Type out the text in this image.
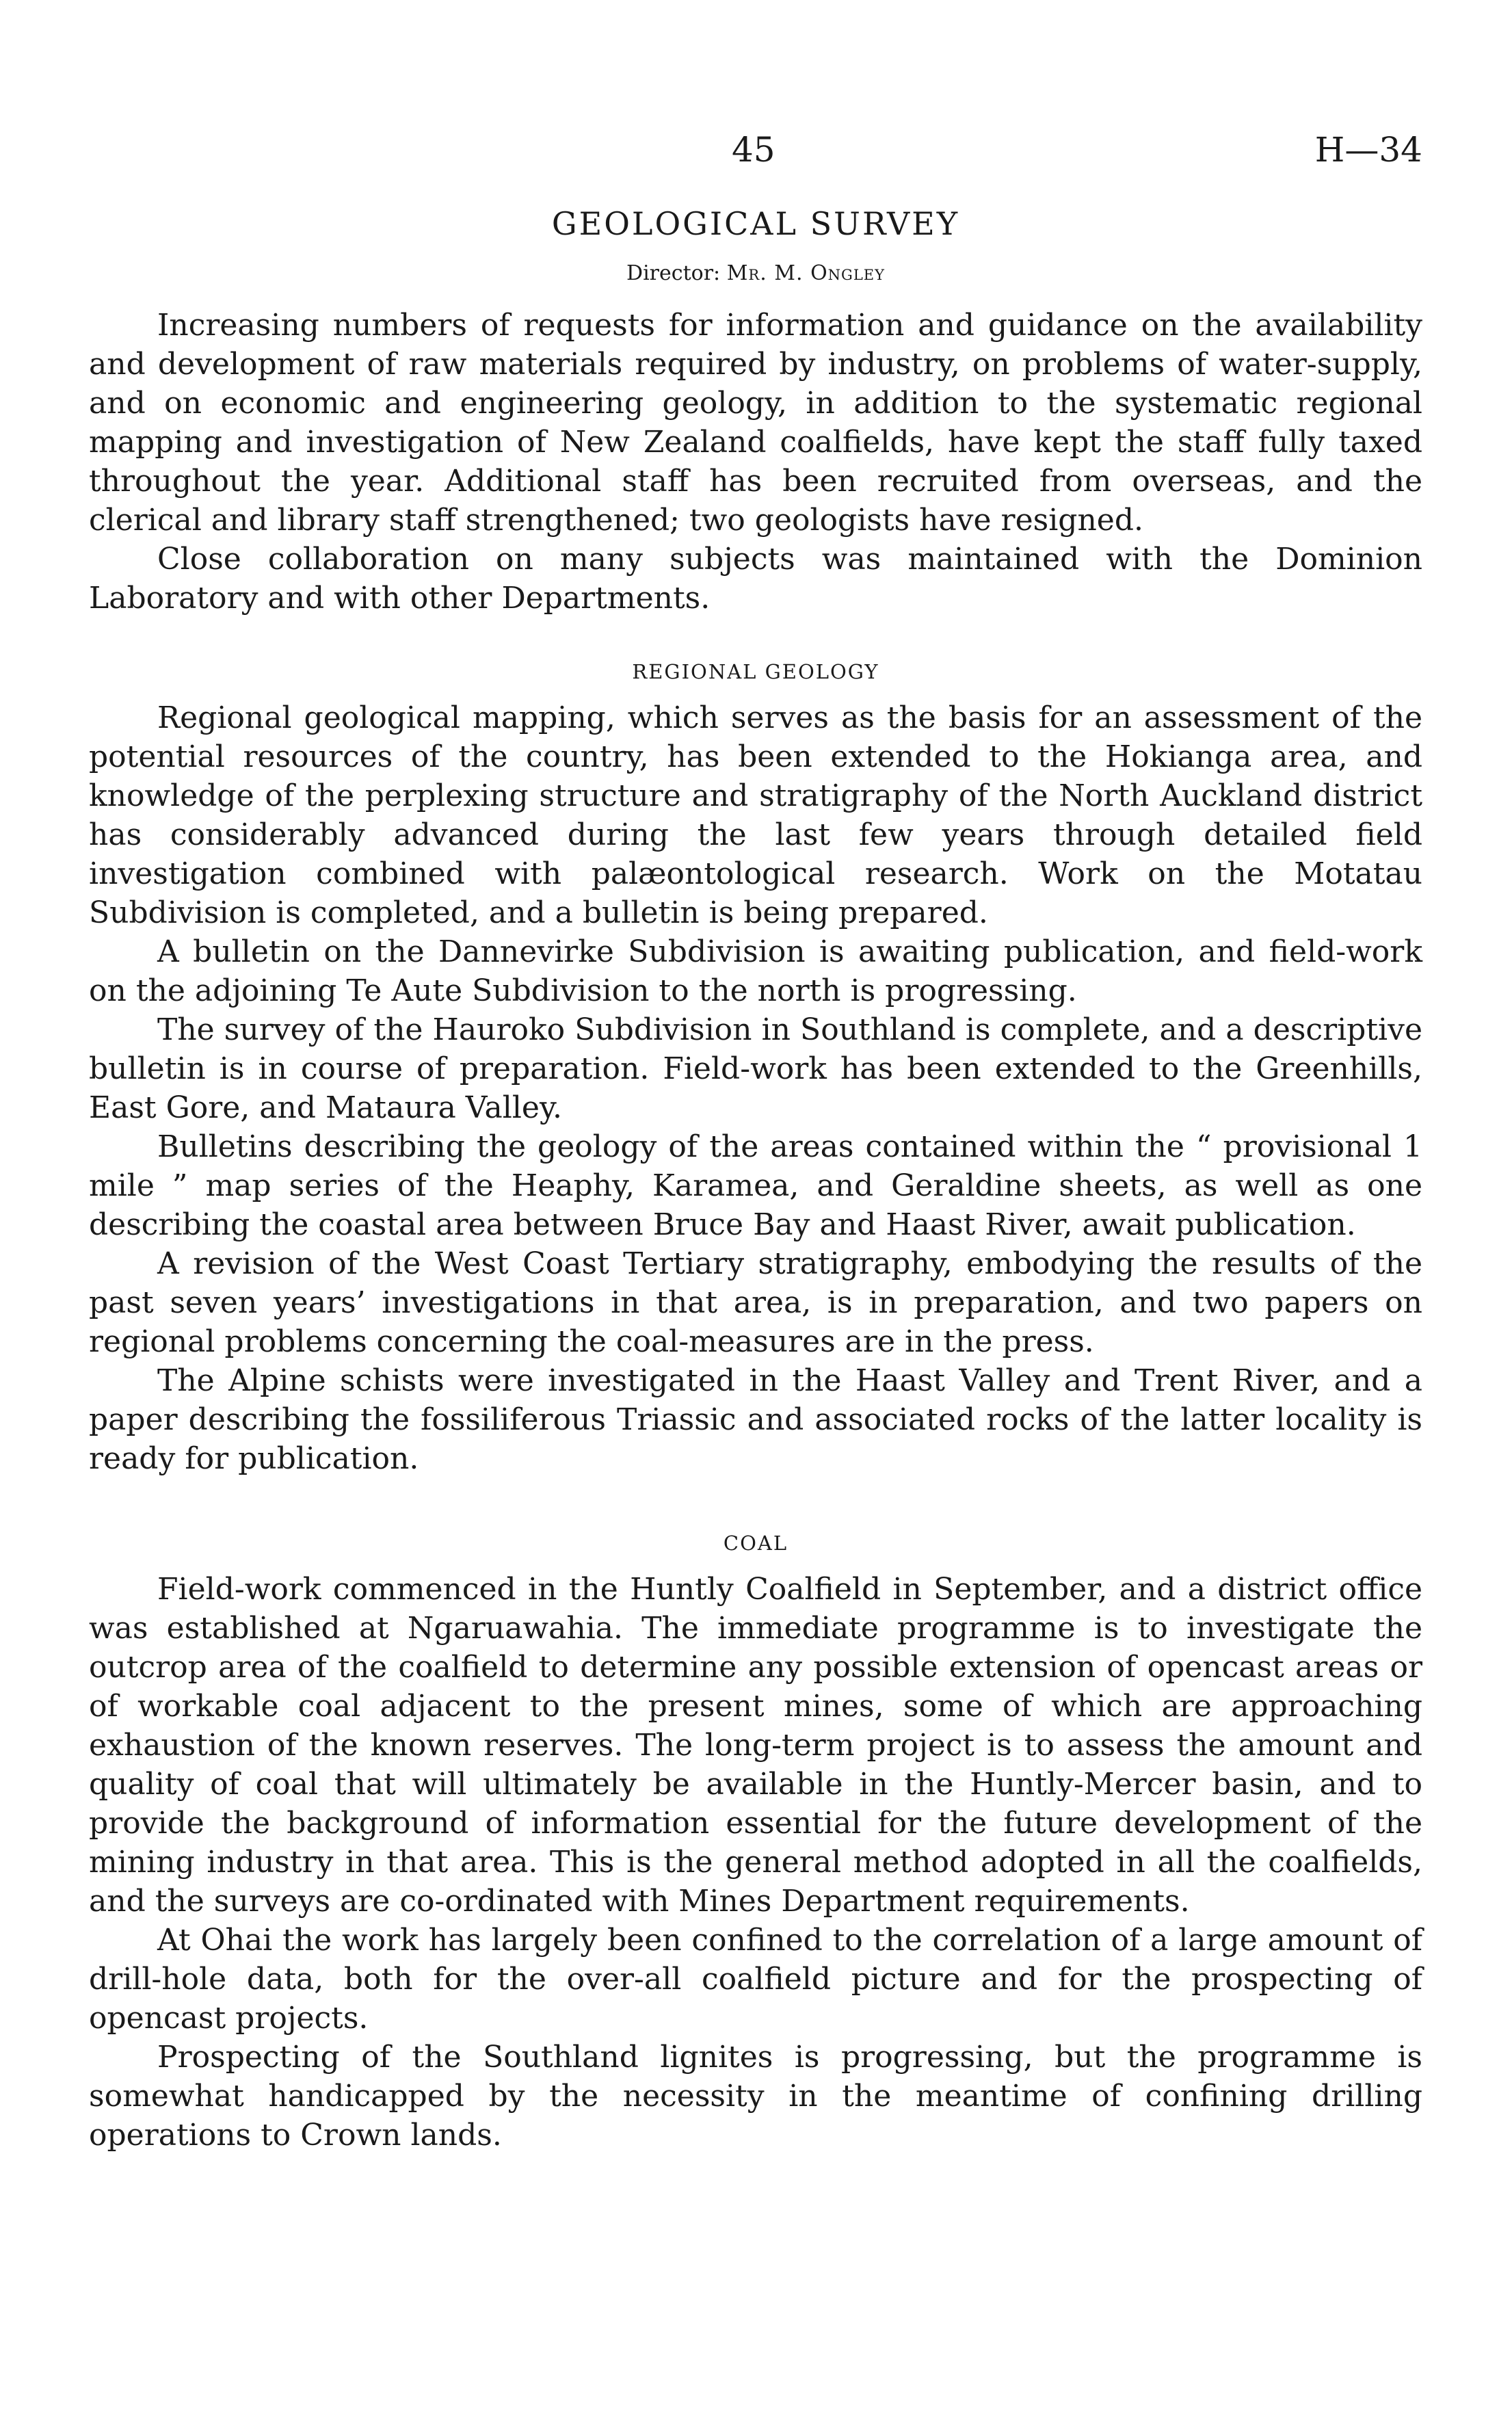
45	H—34
GEOLOGICAL SURVEY
Director: Mr. M. Ongley

Increasing numbers of requests for information and guidance on the availability and development of raw materials required by industry, on problems of water-supply, and on economic and engineering geology, in addition to the systematic regional mapping and investigation of New Zealand coalfields, have kept the staff fully taxed throughout the year. Additional staff has been recruited from overseas, and the clerical and library staff strengthened; two geologists have resigned.

Close collaboration on many subjects was maintained with the Dominion Laboratory and with other Departments.

REGIONAL GEOLOGY

Regional geological mapping, which serves as the basis for an assessment of the potential resources of the country, has been extended to the Hokianga area, and knowledge of the perplexing structure and stratigraphy of the North Auckland district has considerably advanced during the last few years through detailed field investigation combined with palæontological research. Work on the Motatau Subdivision is completed, and a bulletin is being prepared.

A bulletin on the Dannevirke Subdivision is awaiting publication, and field-work on the adjoining Te Aute Subdivision to the north is progressing.

The survey of the Hauroko Subdivision in Southland is complete, and a descriptive bulletin is in course of preparation. Field-work has been extended to the Greenhills, East Gore, and Mataura Valley.

Bulletins describing the geology of the areas contained within the “ provisional 1 mile ” map series of the Heaphy, Karamea, and Geraldine sheets, as well as one describing the coastal area between Bruce Bay and Haast River, await publication.

A revision of the West Coast Tertiary stratigraphy, embodying the results of the past seven years’ investigations in that area, is in preparation, and two papers on regional problems concerning the coal-measures are in the press.

The Alpine schists were investigated in the Haast Valley and Trent River, and a paper describing the fossiliferous Triassic and associated rocks of the latter locality is ready for publication.

COAL

Field-work commenced in the Huntly Coalfield in September, and a district office was established at Ngaruawahia. The immediate programme is to investigate the outcrop area of the coalfield to determine any possible extension of opencast areas or of workable coal adjacent to the present mines, some of which are approaching exhaustion of the known reserves. The long-term project is to assess the amount and quality of coal that will ultimately be available in the Huntly-Mercer basin, and to provide the background of information essential for the future development of the mining industry in that area. This is the general method adopted in all the coalfields, and the surveys are co-ordinated with Mines Department requirements.

At Ohai the work has largely been confined to the correlation of a large amount of drill-hole data, both for the over-all coalfield picture and for the prospecting of opencast projects.

Prospecting of the Southland lignites is progressing, but the programme is somewhat handicapped by the necessity in the meantime of confining drilling operations to Crown lands.
